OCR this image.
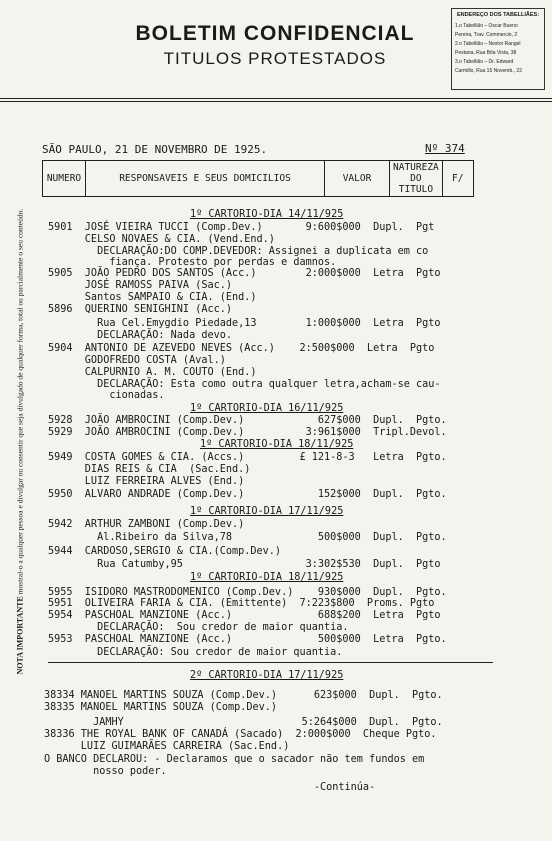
BOLETIM CONFIDENCIAL
TITULOS PROTESTADOS
ENDEREÇO DOS TABELLIÃES:
1.o Tabellião – Oscar Bueno
Pereira, Trav. Commercio, 2
2.o Tabellião – Nestor Rangel
Pestana, Rua Bôa Vista, 38
3.o Tabellião – Dr. Edward
Carmillo, Rua 15 Novemb., 22
NOTA IMPORTANTE mostral-o a qualquer pessoa e divulgar ou consentir que seja divulgado de qualquer forma, total ou parcialmente o seu conteúdo.
SÃO PAULO, 21 DE NOVEMBRO DE 1925.	Nº 374
NUMERO	RESPONSAVEIS E SEUS DOMICILIOS	VALOR	NATUREZA DO TITULO	F/
1º CARTORIO-DIA 14/11/925
5901  JOSÉ VIEIRA TUCCI (Comp.Dev.)       9:600$000  Dupl.  Pgt
CELSO NOVAES & CIA. (Vend.End.)
DECLARAÇÃO:DO COMP.DEVEDOR: Assignei a duplicata em co
fiança. Protesto por perdas e damnos.
5905  JOÃO PEDRO DOS SANTOS (Acc.)        2:000$000  Letra  Pgto
JOSÉ RAMOSS PAIVA (Sac.)
Santos SAMPAIO & CIA. (End.)
5896  QUERINO SENIGHINI (Acc.)
Rua Cel.Emygdio Piedade,13        1:000$000  Letra  Pgto
DECLARAÇÃO: Nada devo.
5904  ANTONIO DE AZEVEDO NEVES (Acc.)    2:500$000  Letra  Pgto
GODOFREDO COSTA (Aval.)
CALPURNIO A. M. COUTO (End.)
DECLARAÇÃO: Esta como outra qualquer letra,acham-se cau-
cionadas.
1º CARTORIO-DIA 16/11/925
5928  JOÃO AMBROCINI (Comp.Dev.)            627$000  Dupl.  Pgto.
5929  JOÃO AMBROCINI (Comp.Dev.)          3:961$000  Tripl.Devol.
1º CARTORIO-DIA 18/11/925
5949  COSTA GOMES & CIA. (Accs.)         £ 121-8-3   Letra  Pgto.
DIAS REIS & CIA  (Sac.End.)
LUIZ FERREIRA ALVES (End.)
5950  ALVARO ANDRADE (Comp.Dev.)            152$000  Dupl.  Pgto.
1º CARTORIO-DIA 17/11/925
5942  ARTHUR ZAMBONI (Comp.Dev.)
Al.Ribeiro da Silva,78              500$000  Dupl.  Pgto.
5944  CARDOSO,SERGIO & CIA.(Comp.Dev.)
Rua Catumby,95                    3:302$530  Dupl.  Pgto
1º CARTORIO-DIA 18/11/925
5955  ISIDORO MASTRODOMENICO (Comp.Dev.)    930$000  Dupl.  Pgto.
5951  OLIVEIRA FARIA & CIA. (Emittente)  7:223$800  Proms. Pgto
5954  PASCHOAL MANZIONE (Acc.)              688$200  Letra  Pgto
DECLARAÇÃO:  Sou credor de maior quantia.
5953  PASCHOAL MANZIONE (Acc.)              500$000  Letra  Pgto.
DECLARAÇÃO: Sou credor de maior quantia.
2º CARTORIO-DIA 17/11/925
38334 MANOEL MARTINS SOUZA (Comp.Dev.)      623$000  Dupl.  Pgto.
38335 MANOEL MARTINS SOUZA (Comp.Dev.)
JAMHY                             5:264$000  Dupl.  Pgto.
38336 THE ROYAL BANK OF CANADÁ (Sacado)  2:000$000  Cheque Pgto.
LUIZ GUIMARÃES CARREIRA (Sac.End.)
O BANCO DECLAROU: - Declaramos que o sacador não tem fundos em
nosso poder.
-Continúa-
